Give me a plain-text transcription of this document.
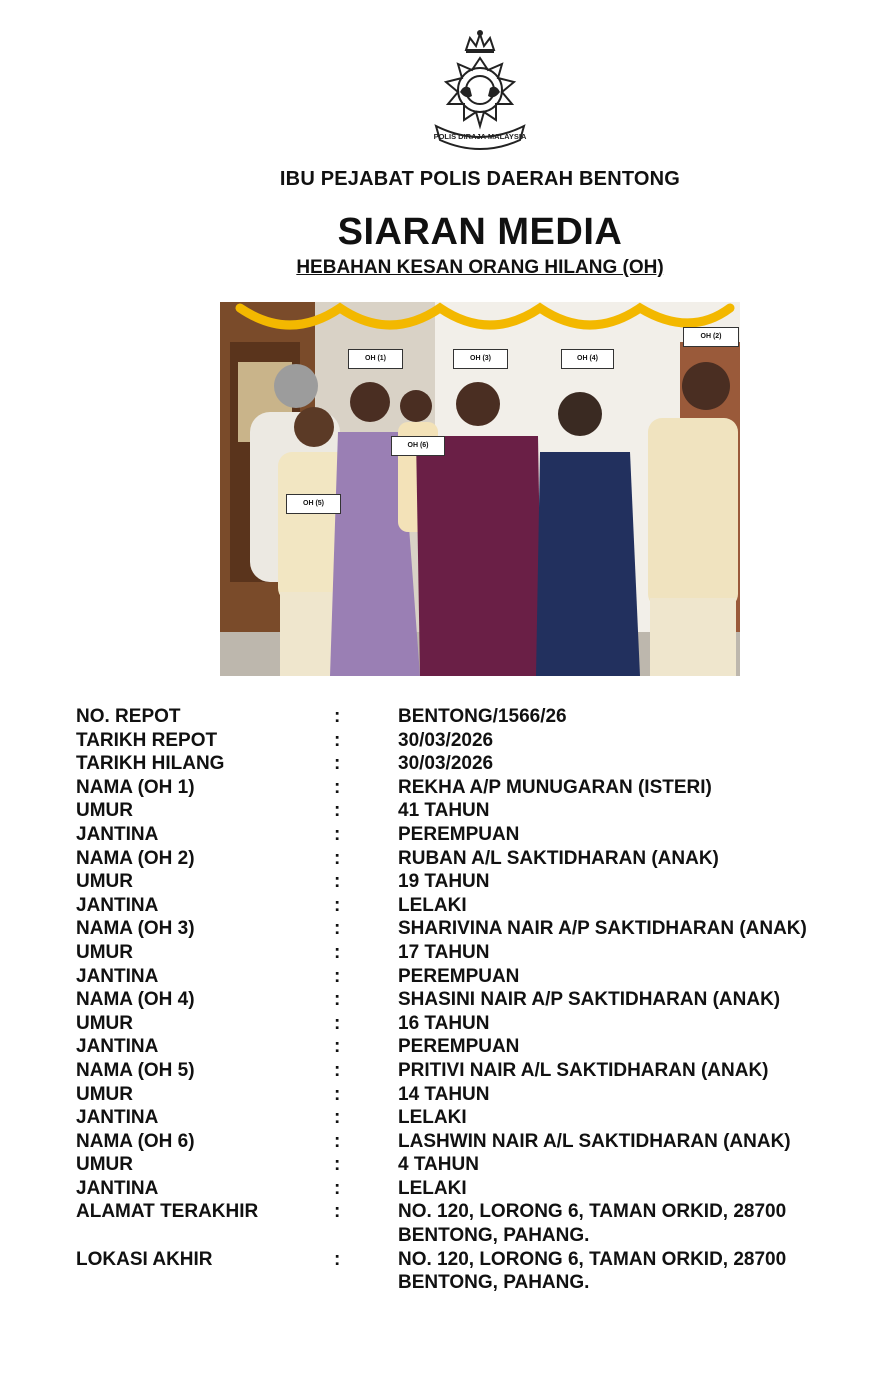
POLIS DIRAJA MALAYSIA
IBU PEJABAT POLIS DAERAH BENTONG
SIARAN MEDIA
HEBAHAN KESAN ORANG HILANG (OH)
OH (1)
OH (2)
OH (3)	OH (4)
OH (5)
OH (6)
NO. REPOT	:	BENTONG/1566/26
TARIKH REPOT	:	30/03/2026
TARIKH HILANG	:	30/03/2026
NAMA (OH 1)	:	REKHA A/P MUNUGARAN (ISTERI)
UMUR	:	41 TAHUN
JANTINA	:	PEREMPUAN
NAMA (OH 2)	:	RUBAN A/L SAKTIDHARAN (ANAK)
UMUR	:	19 TAHUN
JANTINA	:	LELAKI
NAMA (OH 3)	:	SHARIVINA NAIR A/P SAKTIDHARAN (ANAK)
UMUR	:	17 TAHUN
JANTINA	:	PEREMPUAN
NAMA (OH 4)	:	SHASINI NAIR A/P SAKTIDHARAN (ANAK)
UMUR	:	16 TAHUN
JANTINA	:	PEREMPUAN
NAMA (OH 5)	:	PRITIVI NAIR A/L SAKTIDHARAN (ANAK)
UMUR	:	14 TAHUN
JANTINA	:	LELAKI
NAMA (OH 6)	:	LASHWIN NAIR A/L SAKTIDHARAN (ANAK)
UMUR	:	4 TAHUN
JANTINA	:	LELAKI
ALAMAT TERAKHIR	:	NO. 120, LORONG 6, TAMAN ORKID, 28700
BENTONG, PAHANG.
LOKASI AKHIR	:	NO. 120, LORONG 6, TAMAN ORKID, 28700
BENTONG, PAHANG.
